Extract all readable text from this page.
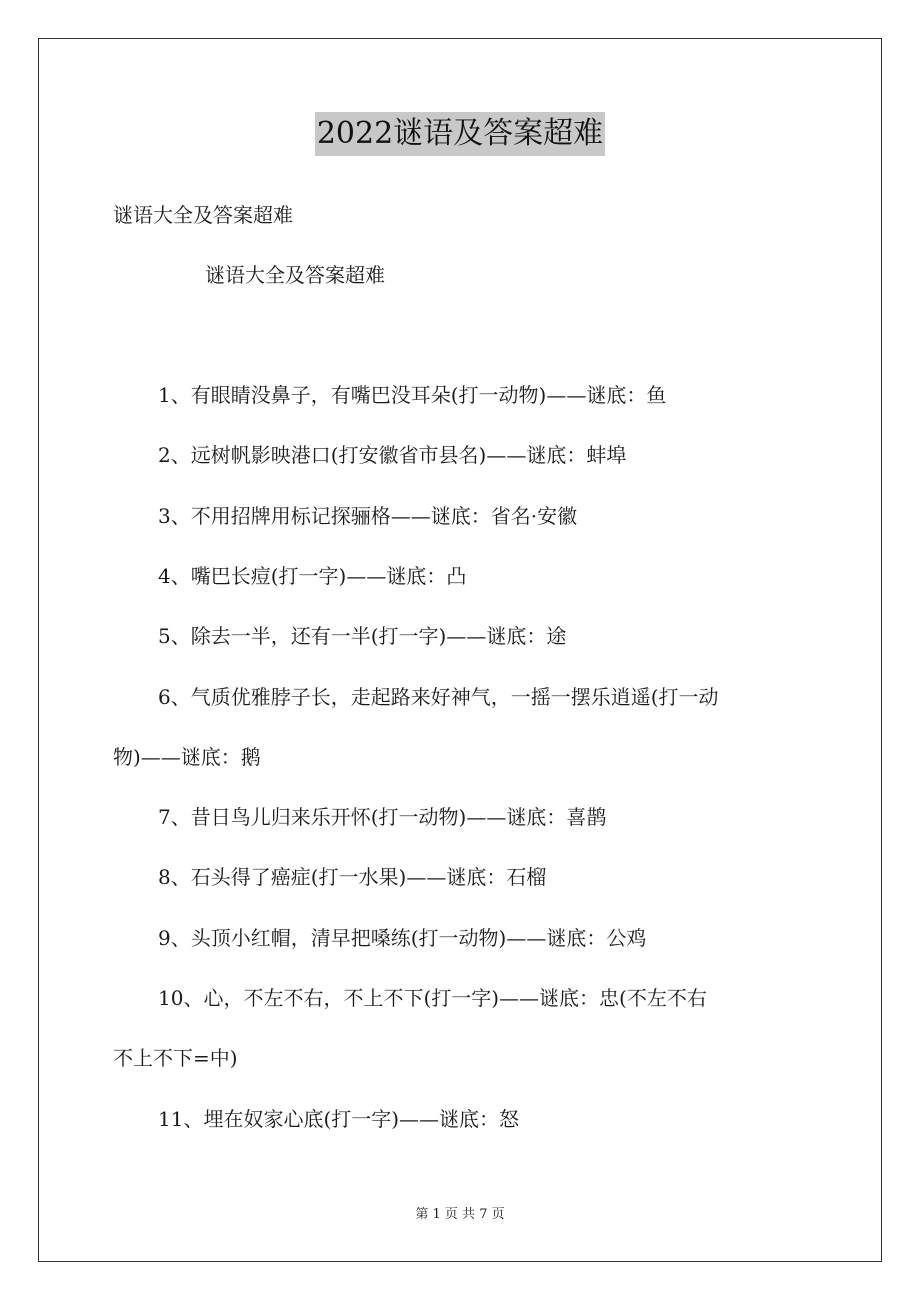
2022谜语及答案超难
谜语大全及答案超难
谜语大全及答案超难
1、有眼睛没鼻子，有嘴巴没耳朵(打一动物)——谜底：鱼
2、远树帆影映港口(打安徽省市县名)——谜底：蚌埠
3、不用招牌用标记探骊格——谜底：省名·安徽
4、嘴巴长痘(打一字)——谜底：凸
5、除去一半，还有一半(打一字)——谜底：途
6、气质优雅脖子长，走起路来好神气，一摇一摆乐逍遥(打一动
物)——谜底：鹅
7、昔日鸟儿归来乐开怀(打一动物)——谜底：喜鹊
8、石头得了癌症(打一水果)——谜底：石榴
9、头顶小红帽，清早把嗓练(打一动物)——谜底：公鸡
10、心，不左不右，不上不下(打一字)——谜底：忠(不左不右
不上不下=中)
11、埋在奴家心底(打一字)——谜底：怒
第 1 页 共 7 页
